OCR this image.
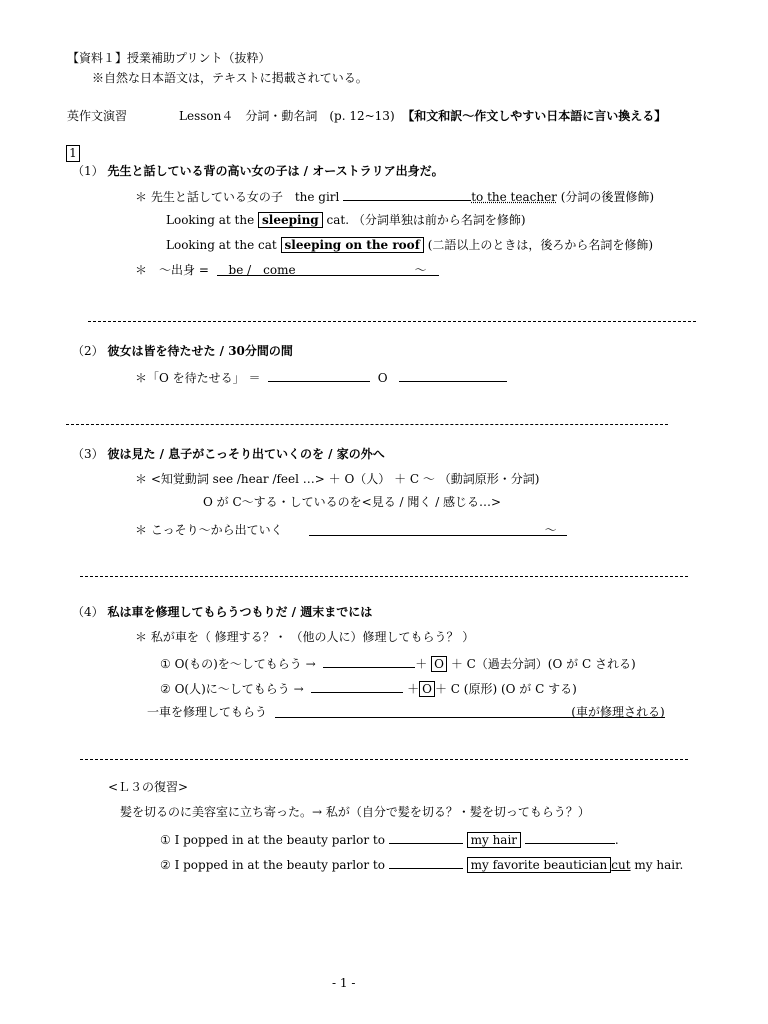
【資料１】授業補助プリント（抜粋）
※自然な日本語文は，テキストに掲載されている。
英作文演習	Lesson４　分詞・動名詞　(p. 12~13) 【和文和訳～作文しやすい日本語に言い換える】
1
（1） 先生と話している背の高い女の子は / オーストラリア出身だ。
＊ 先生と話している女の子　the girl	to the teacher (分詞の後置修飾)
Looking at the sleeping cat. （分詞単独は前から名詞を修飾)
Looking at the cat sleeping on the roof (二語以上のときは，後ろから名詞を修飾)
＊　～出身 = be /　come	～
（2） 彼女は皆を待たせた / 30分間の間
＊「O を待たせる」 ＝	O
（3） 彼は見た / 息子がこっそり出ていくのを / 家の外へ
＊ <知覚動詞 see /hear /feel …> ＋ O（人） ＋ C ～ （動詞原形・分詞)
O が C～する・しているのを<見る / 聞く / 感じる…>
＊ こっそり～から出ていく	～
（4） 私は車を修理してもらうつもりだ / 週末までには
＊ 私が車を（ 修理する？・ （他の人に）修理してもらう？ ）
① O(もの)を～してもらう →	＋ O ＋ C（過去分詞）(O が C される)
② O(人)に～してもらう →	＋ O ＋ C (原形) (O が C する)
一車を修理してもらう	(車が修理される)
<Ｌ３の復習>
髪を切るのに美容室に立ち寄った。→ 私が（自分で髪を切る？・髪を切ってもらう？）
① I popped in at the beauty parlor to	my hair	.
② I popped in at the beauty parlor to	my favorite beautician cut my hair.
- 1 -
